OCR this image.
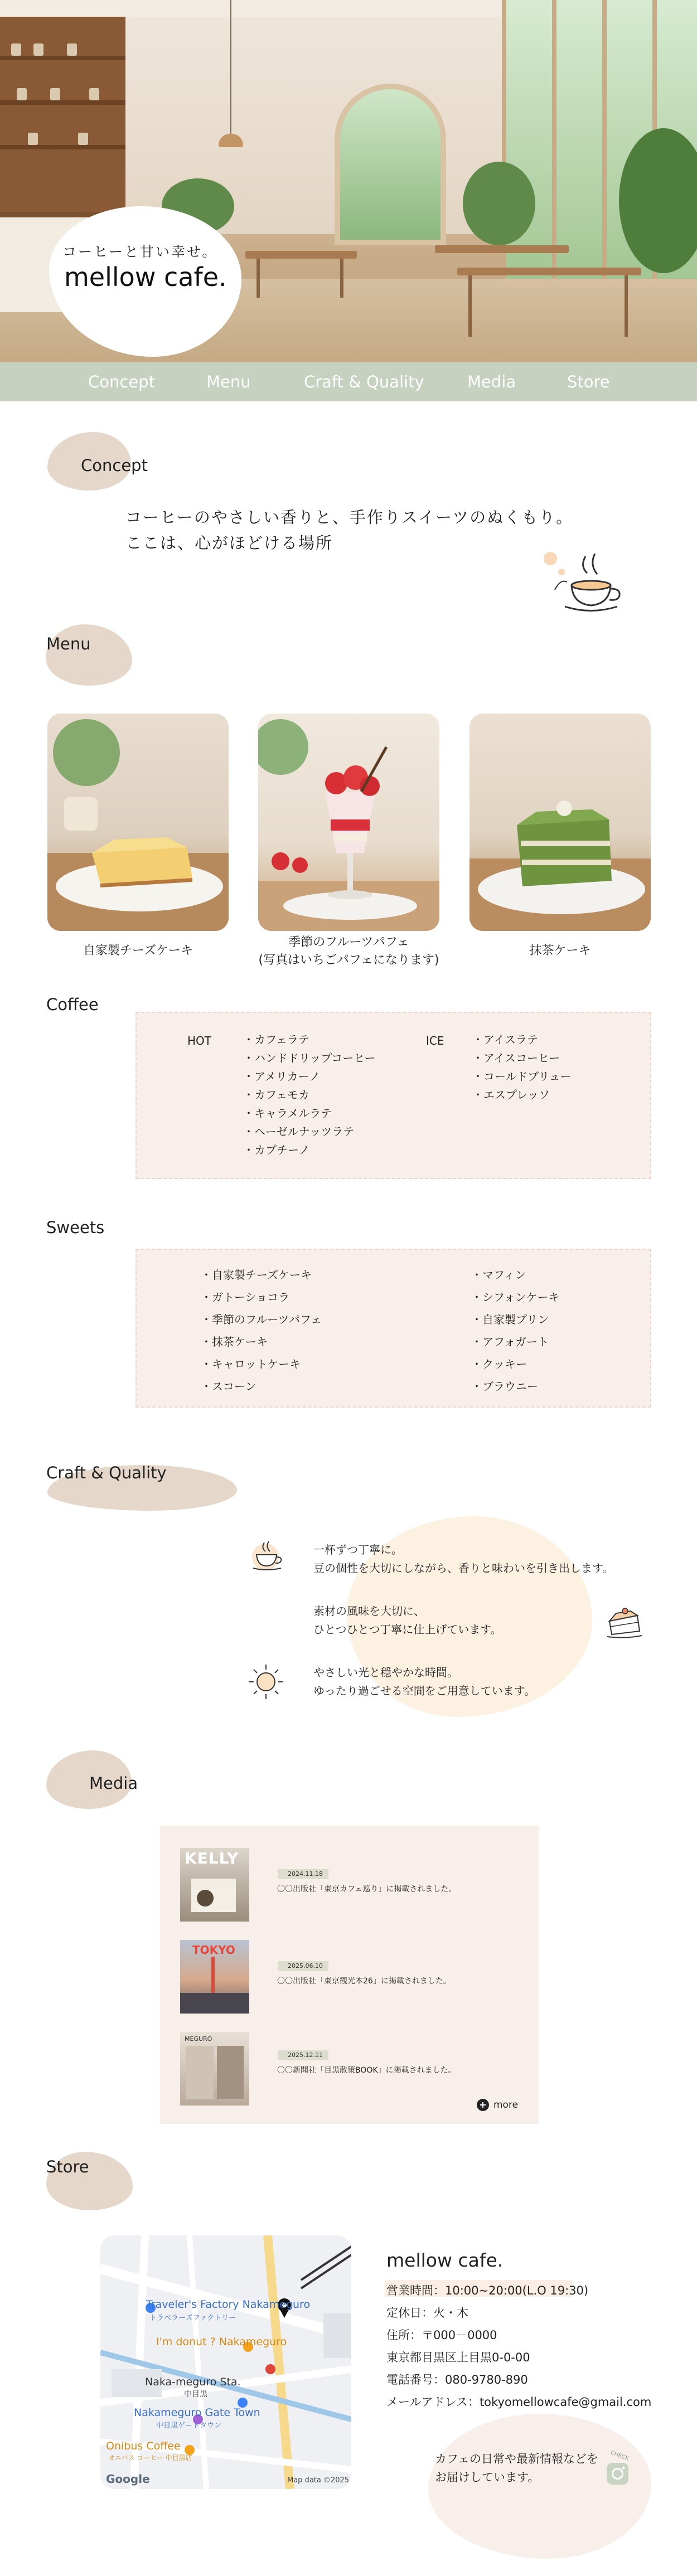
コーヒーと甘い幸せ。
mellow cafe.
Concept	Menu	Craft & Quality	Media	Store
Concept
コーヒーのやさしい香りと、手作りスイーツのぬくもり。
ここは、心がほどける場所
Menu
自家製チーズケーキ
季節のフルーツパフェ
(写真はいちごパフェになります)
抹茶ケーキ
Coffee
HOT	・カフェラテ
・ハンドドリップコーヒー
・アメリカーノ
・カフェモカ
・キャラメルラテ
・ヘーゼルナッツラテ
・カプチーノ
ICE	・アイスラテ
・アイスコーヒー
・コールドブリュー
・エスプレッソ
Sweets
・自家製チーズケーキ
・ガトーショコラ
・季節のフルーツパフェ
・抹茶ケーキ
・キャロットケーキ
・スコーン
・マフィン
・シフォンケーキ
・自家製プリン
・アフォガート
・クッキー
・ブラウニー
Craft & Quality
一杯ずつ丁寧に。
豆の個性を大切にしながら、香りと味わいを引き出します。
素材の風味を大切に、
ひとつひとつ丁寧に仕上げています。
やさしい光と穏やかな時間。
ゆったり過ごせる空間をご用意しています。
Media
KELLY
2024.11.18
〇〇出版社「東京カフェ巡り」に掲載されました。
TOKYO
2025.06.10
〇〇出版社「東京観光本26」に掲載されました。
MEGURO
2025.12.11
〇〇新聞社「目黒散策BOOK」に掲載されました。
more
Store
Traveler's Factory Nakameguro
トラベラーズファクトリー
I'm donut ? Nakameguro
Naka-meguro Sta.
中目黒
Nakameguro Gate Town
中目黒ゲートタウン
Onibus Coffee
オニバス コーヒー 中目黒店
Google	Map data ©2025
mellow cafe.
営業時間：10:00~20:00(L.O 19:30)
定休日：火・木
住所：〒000－0000
東京都目黒区上目黒0-0-00
電話番号：080-9780-890
メールアドレス：tokyomellowcafe@gmail.com
カフェの日常や最新情報などを
お届けしています。
CHECK
